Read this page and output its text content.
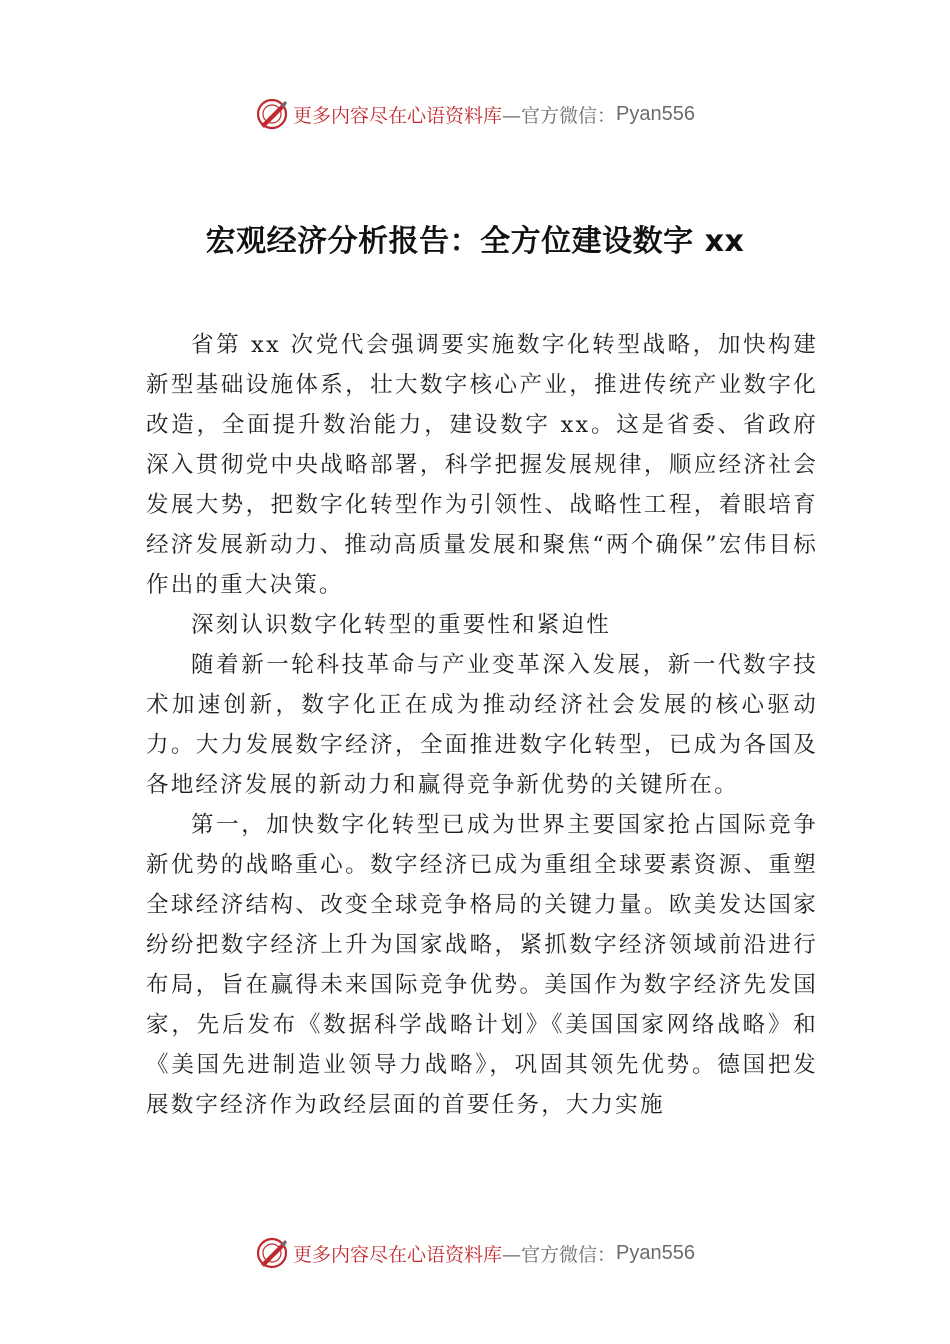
更多内容尽在心语资料库 —官方微信： Pyan556
宏观经济分析报告：全方位建设数字 xx

省第 xx 次党代会强调要实施数字化转型战略，加快构建新型基础设施体系，壮大数字核心产业，推进传统产业数字化改造，全面提升数治能力，建设数字 xx。这是省委、省政府深入贯彻党中央战略部署，科学把握发展规律，顺应经济社会发展大势，把数字化转型作为引领性、战略性工程，着眼培育经济发展新动力、推动高质量发展和聚焦“两个确保”宏伟目标作出的重大决策。

深刻认识数字化转型的重要性和紧迫性

随着新一轮科技革命与产业变革深入发展，新一代数字技术加速创新，数字化正在成为推动经济社会发展的核心驱动力。大力发展数字经济，全面推进数字化转型，已成为各国及各地经济发展的新动力和赢得竞争新优势的关键所在。

第一，加快数字化转型已成为世界主要国家抢占国际竞争新优势的战略重心。数字经济已成为重组全球要素资源、重塑全球经济结构、改变全球竞争格局的关键力量。欧美发达国家纷纷把数字经济上升为国家战略，紧抓数字经济领域前沿进行布局，旨在赢得未来国际竞争优势。美国作为数字经济先发国家，先后发布《数据科学战略计划》《美国国家网络战略》和《美国先进制造业领导力战略》，巩固其领先优势。德国把发展数字经济作为政经层面的首要任务，大力实施

更多内容尽在心语资料库 —官方微信： Pyan556
